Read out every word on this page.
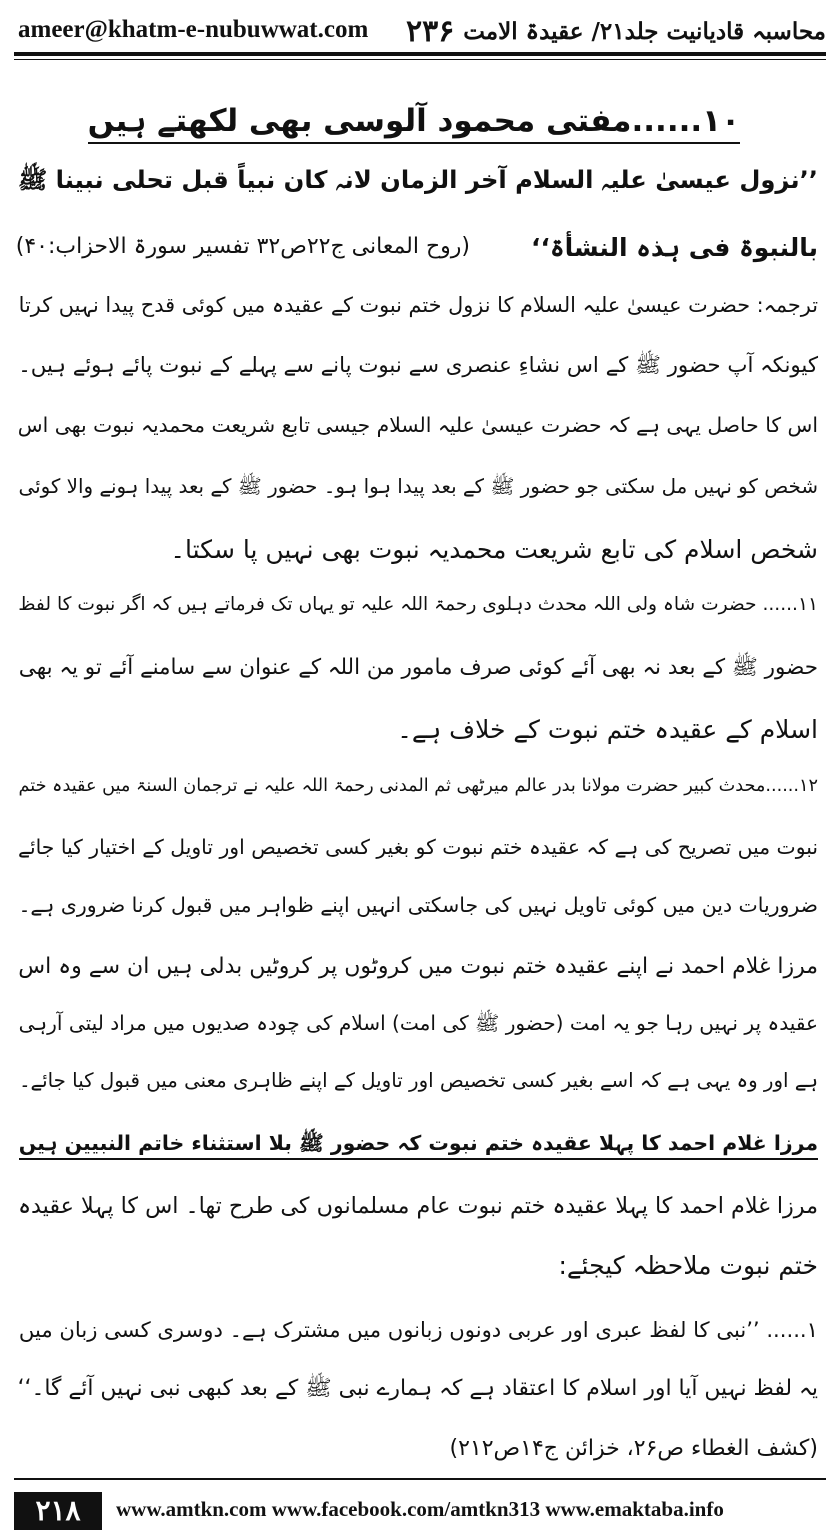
ameer@khatm-e-nubuwwat.com ۲۳۶ محاسبہ قادیانیت جلد۲۱/ عقیدۃ الامت
۱۰......مفتی محمود آلوسی بھی لکھتے ہیں
’’نزول عیسیٰ علیہ السلام آخر الزمان لانہ کان نبیاً قبل تحلی نبینا ﷺ
بالنبوۃ فی ہذہ النشأۃ‘‘
(روح المعانی ج۲۲ص۳۲ تفسیر سورۃ الاحزاب:۴۰)
ترجمہ: حضرت عیسیٰ علیہ السلام کا نزول ختم نبوت کے عقیدہ میں کوئی قدح پیدا نہیں کرتا
کیونکہ آپ حضور ﷺ کے اس نشاءِ عنصری سے نبوت پانے سے پہلے کے نبوت پائے ہوئے ہیں۔
اس کا حاصل یہی ہے کہ حضرت عیسیٰ علیہ السلام جیسی تابع شریعت محمدیہ نبوت بھی اس
شخص کو نہیں مل سکتی جو حضور ﷺ کے بعد پیدا ہوا ہو۔ حضور ﷺ کے بعد پیدا ہونے والا کوئی
شخص اسلام کی تابع شریعت محمدیہ نبوت بھی نہیں پا سکتا۔
۱۱...... حضرت شاہ ولی اللہ محدث دہلوی رحمۃ اللہ علیہ تو یہاں تک فرماتے ہیں کہ اگر نبوت کا لفظ
حضور ﷺ کے بعد نہ بھی آئے کوئی صرف مامور من اللہ کے عنوان سے سامنے آئے تو یہ بھی
اسلام کے عقیدہ ختم نبوت کے خلاف ہے۔
۱۲......محدث کبیر حضرت مولانا بدر عالم میرٹھی ثم المدنی رحمۃ اللہ علیہ نے ترجمان السنۃ میں عقیدہ ختم
نبوت میں تصریح کی ہے کہ عقیدہ ختم نبوت کو بغیر کسی تخصیص اور تاویل کے اختیار کیا جائے
ضروریات دین میں کوئی تاویل نہیں کی جاسکتی انہیں اپنے ظواہر میں قبول کرنا ضروری ہے۔
مرزا غلام احمد نے اپنے عقیدہ ختم نبوت میں کروٹوں پر کروٹیں بدلی ہیں ان سے وہ اس
عقیدہ پر نہیں رہا جو یہ امت (حضور ﷺ کی امت) اسلام کی چودہ صدیوں میں مراد لیتی آرہی
ہے اور وہ یہی ہے کہ اسے بغیر کسی تخصیص اور تاویل کے اپنے ظاہری معنی میں قبول کیا جائے۔
مرزا غلام احمد کا پہلا عقیدہ ختم نبوت کہ حضور ﷺ بلا استثناء خاتم النبیین ہیں
مرزا غلام احمد کا پہلا عقیدہ ختم نبوت عام مسلمانوں کی طرح تھا۔ اس کا پہلا عقیدہ
ختم نبوت ملاحظہ کیجئے:
۱...... ’’نبی کا لفظ عبری اور عربی دونوں زبانوں میں مشترک ہے۔ دوسری کسی زبان میں
یہ لفظ نہیں آیا اور اسلام کا اعتقاد ہے کہ ہمارے نبی ﷺ کے بعد کبھی نبی نہیں آئے گا۔‘‘
(کشف الغطاء ص۲۶، خزائن ج۱۴ص۲۱۲)
۲۱۸	www.amtkn.com www.facebook.com/amtkn313 www.emaktaba.info
